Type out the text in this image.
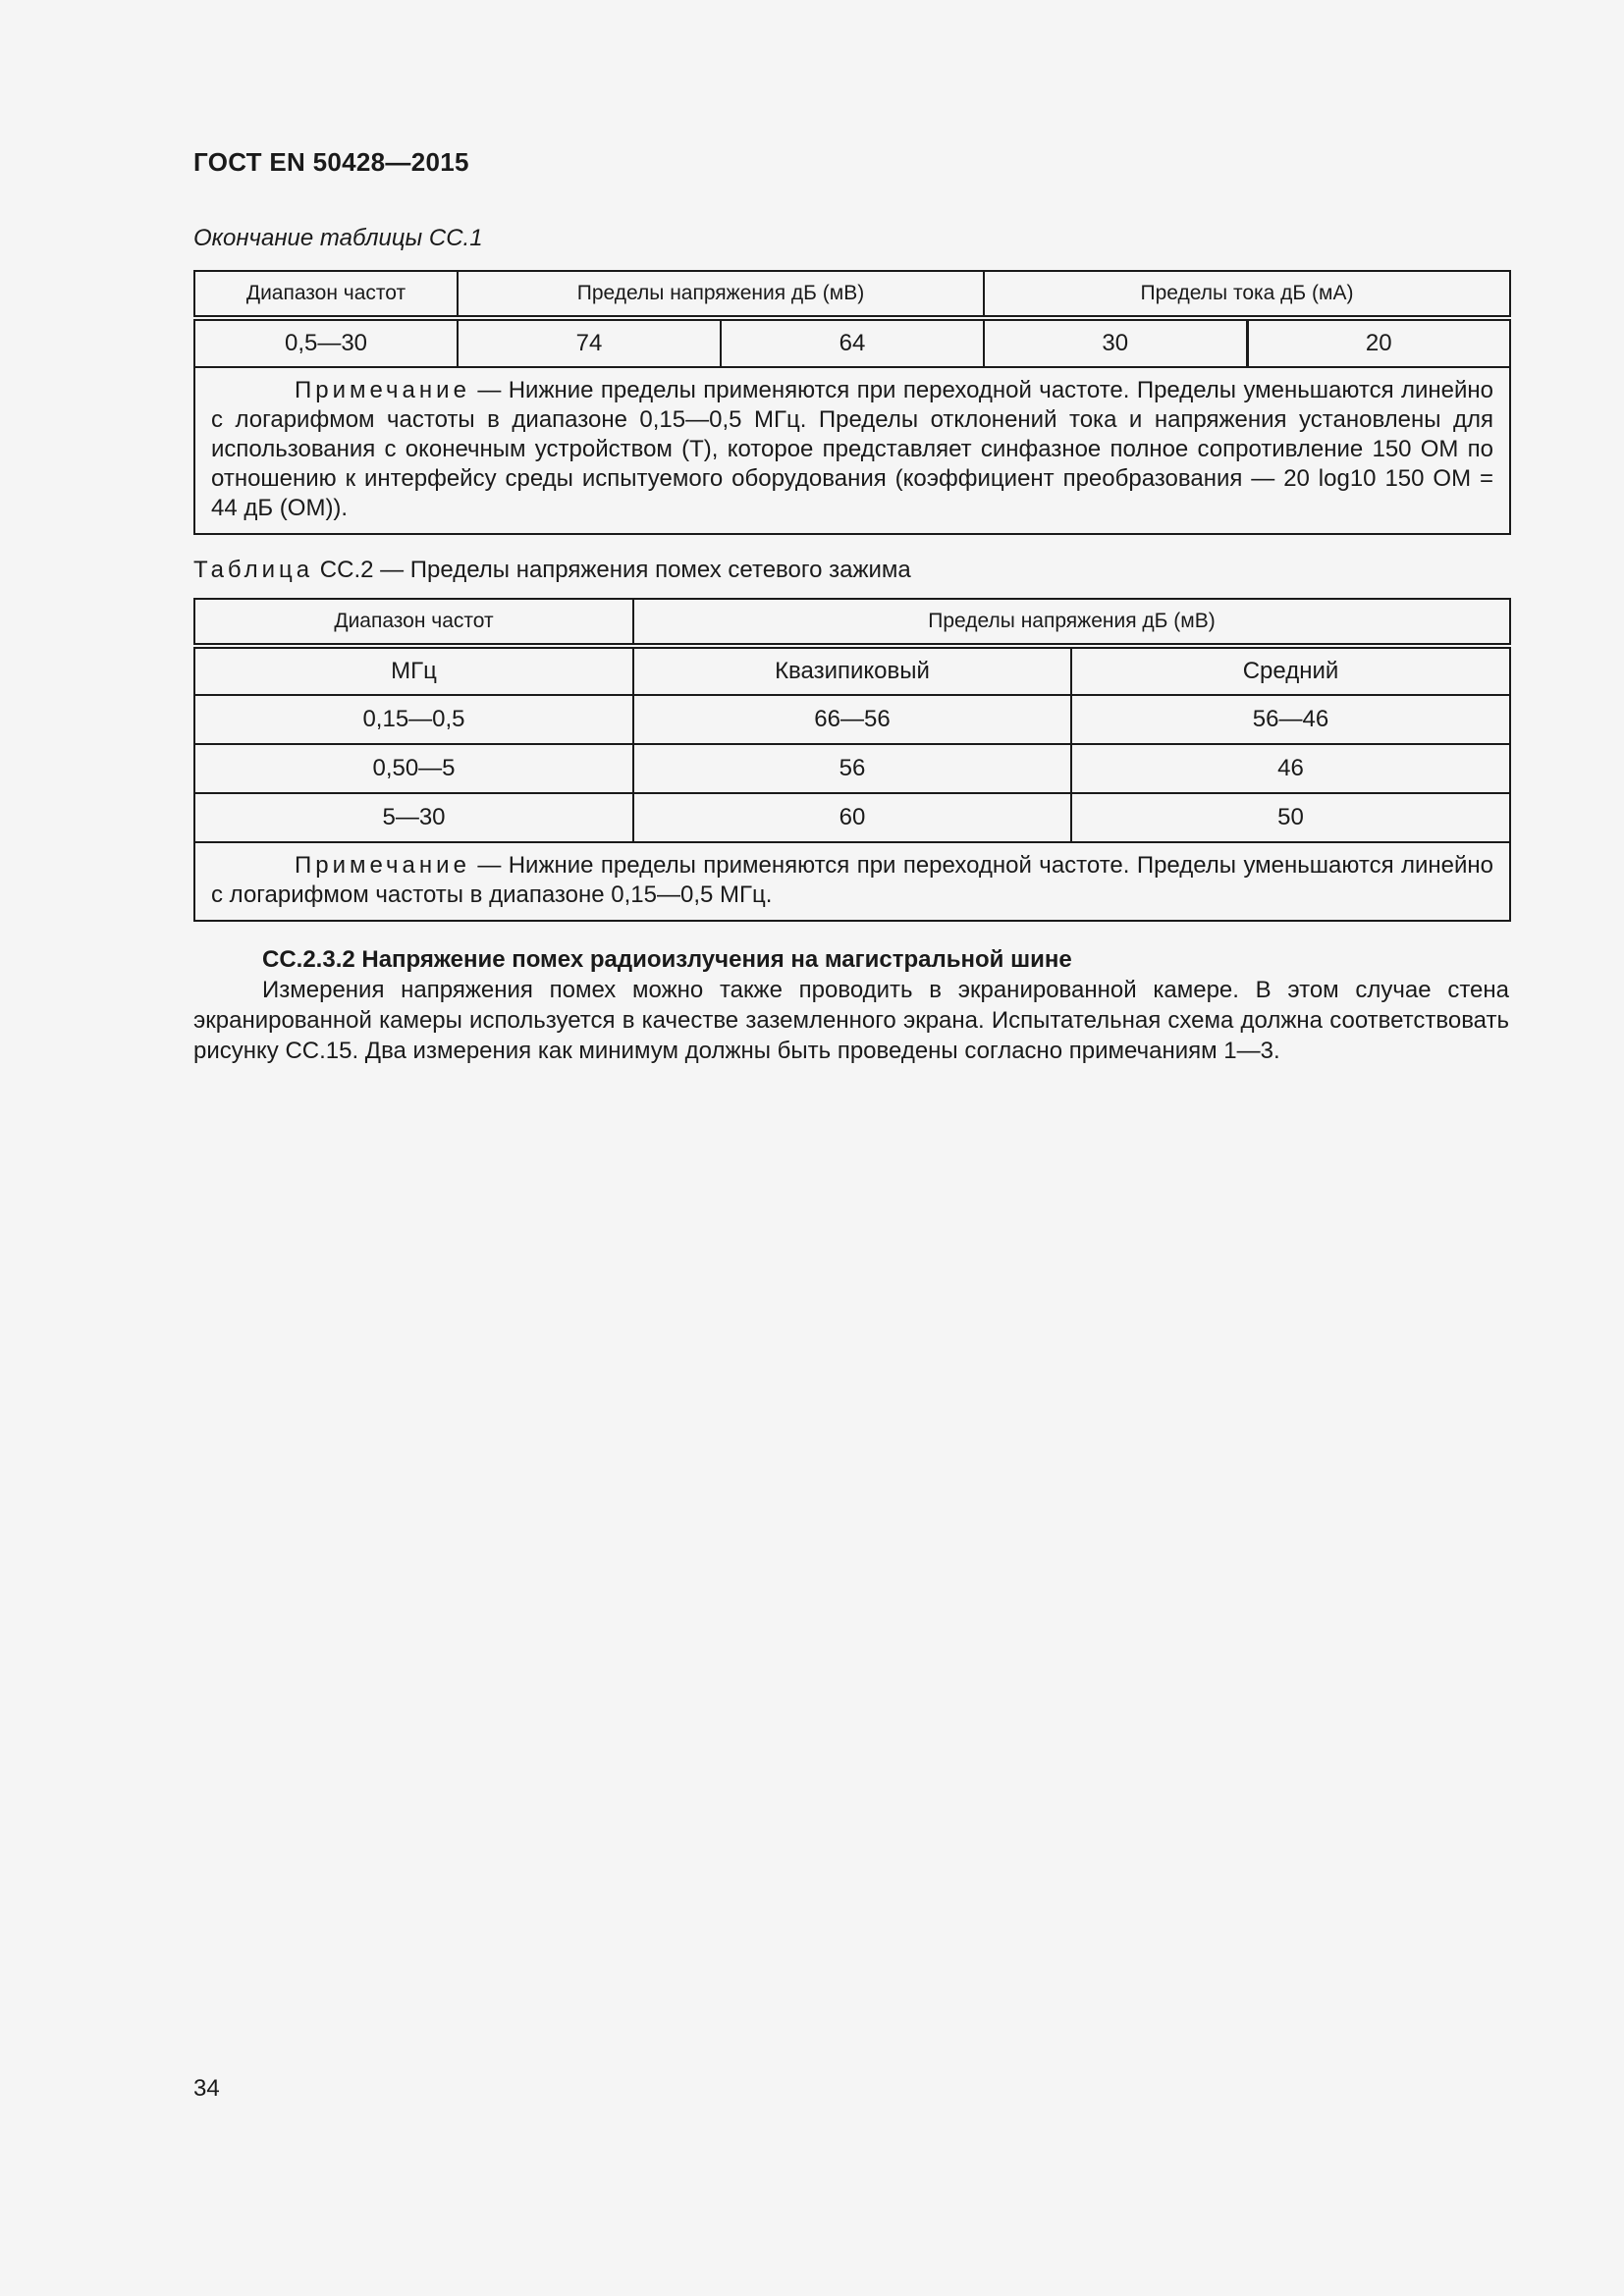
ГОСТ EN 50428—2015
Окончание таблицы СС.1
Диапазон частот	Пределы напряжения дБ (мВ)		Пределы тока дБ (мА)	
0,5—30	74	64	30	20

Примечание — Нижние пределы применяются при переходной частоте. Пределы уменьшаются линейно с логарифмом частоты в диапазоне 0,15—0,5 МГц. Пределы отклонений тока и напряжения установлены для использования с оконечным устройством (Т), которое представляет синфазное полное сопротивление 150 ОМ по отношению к интерфейсу среды испытуемого оборудования (коэффициент преобразования — 20 log10 150 ОМ = 44 дБ (ОМ)).				
Таблица СС.2 — Пределы напряжения помех сетевого зажима
Диапазон частот	Пределы напряжения дБ (мВ)	
МГц	Квазипиковый	Средний
0,15—0,5	66—56	56—46
0,50—5	56	46
5—30	60	50

Примечание — Нижние пределы применяются при переходной частоте. Пределы уменьшаются линейно с логарифмом частоты в диапазоне 0,15—0,5 МГц.		
СС.2.3.2 Напряжение помех радиоизлучения на магистральной шине
Измерения напряжения помех можно также проводить в экранированной камере. В этом случае стена экранированной камеры используется в качестве заземленного экрана. Испытательная схема должна соответствовать рисунку СС.15. Два измерения как минимум должны быть проведены согласно примечаниям 1—3.
34
